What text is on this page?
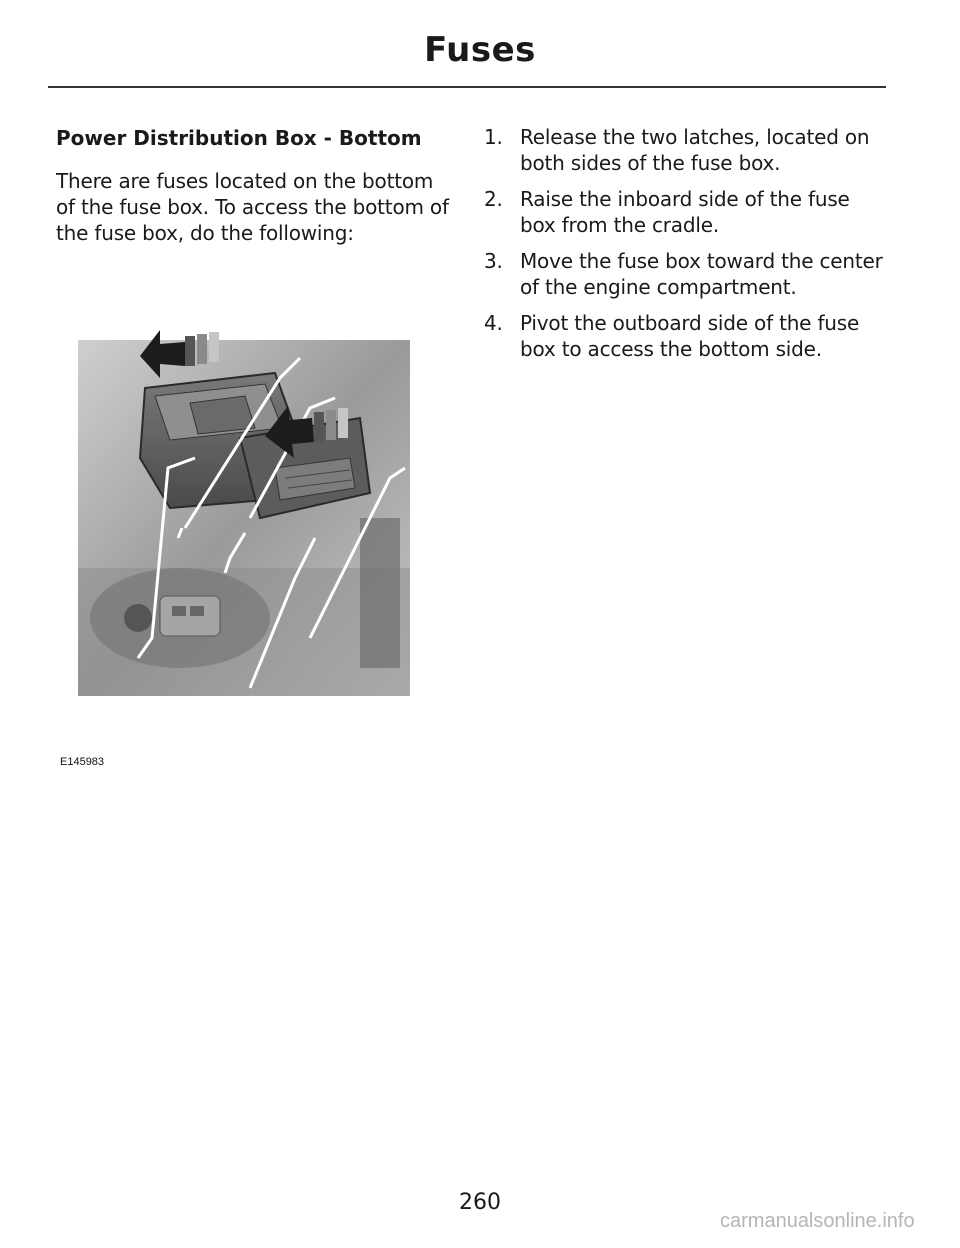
Fuses
Power Distribution Box - Bottom

There are fuses located on the bottom of the fuse box. To access the bottom of the fuse box, do the following:

E145983
1. Release the two latches, located on both sides of the fuse box.
2. Raise the inboard side of the fuse box from the cradle.
3. Move the fuse box toward the center of the engine compartment.
4. Pivot the outboard side of the fuse box to access the bottom side.
260
carmanualsonline.info
